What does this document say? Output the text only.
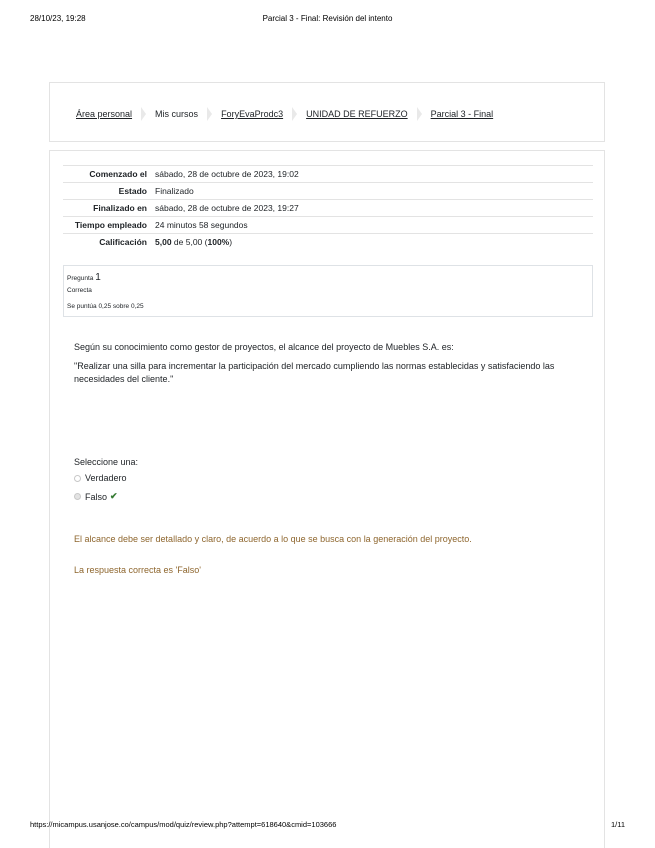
28/10/23, 19:28	Parcial 3 - Final: Revisión del intento
Área personal	Mis cursos	ForyEvaProdc3	UNIDAD DE REFUERZO	Parcial 3 - Final
Comenzado el	sábado, 28 de octubre de 2023, 19:02
Estado	Finalizado
Finalizado en	sábado, 28 de octubre de 2023, 19:27
Tiempo empleado	24 minutos 58 segundos
Calificación	5,00 de 5,00 (100%)
Pregunta 1
Correcta
Se puntúa 0,25 sobre 0,25

Según su conocimiento como gestor de proyectos, el alcance del proyecto de Muebles S.A. es:

"Realizar una silla para incrementar la participación del mercado cumpliendo las normas establecidas y satisfaciendo las necesidades del cliente."

Seleccione una:
Verdadero
Falso ✔
El alcance debe ser detallado y claro, de acuerdo a lo que se busca con la generación del proyecto.
La respuesta correcta es 'Falso'
https://micampus.usanjose.co/campus/mod/quiz/review.php?attempt=618640&cmid=103666	1/11
